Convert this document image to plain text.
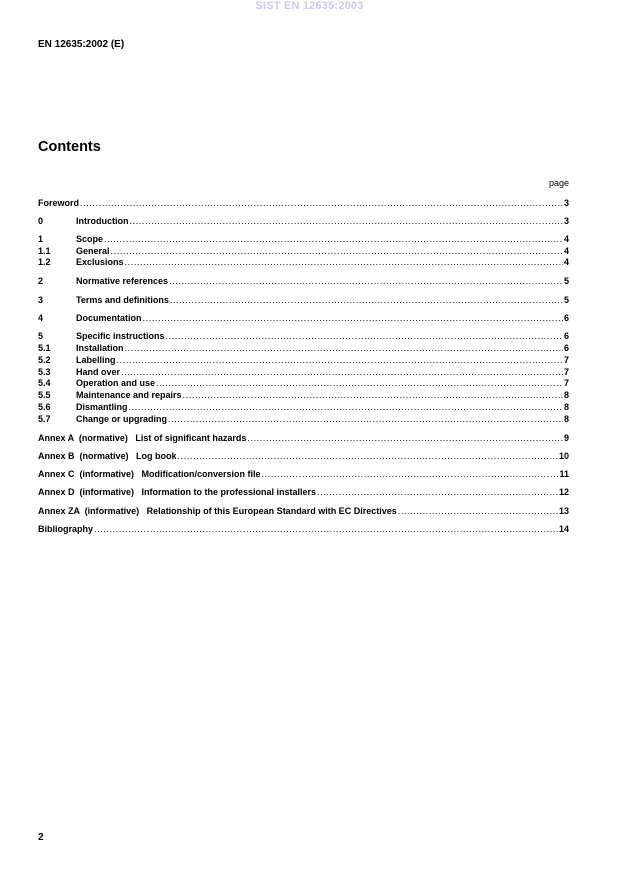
SIST EN 12635:2003
EN 12635:2002 (E)
Contents
page
Foreword .....	3
0	Introduction .....	3
1	Scope .....	4
1.1	General .....	4
1.2	Exclusions .....	4
2	Normative references .....	5
3	Terms and definitions .....	5
4	Documentation .....	6
5	Specific instructions .....	6
5.1	Installation .....	6
5.2	Labelling .....	7
5.3	Hand over .....	7
5.4	Operation and use .....	7
5.5	Maintenance and repairs .....	8
5.6	Dismantling .....	8
5.7	Change or upgrading .....	8
Annex A  (normative)   List of significant hazards .....	9
Annex B  (normative)   Log book .....	10
Annex C  (informative)   Modification/conversion file .....	11
Annex D  (informative)   Information to the professional installers .....	12
Annex ZA  (informative)   Relationship of this European Standard with EC Directives .....	13
Bibliography .....	14
2
